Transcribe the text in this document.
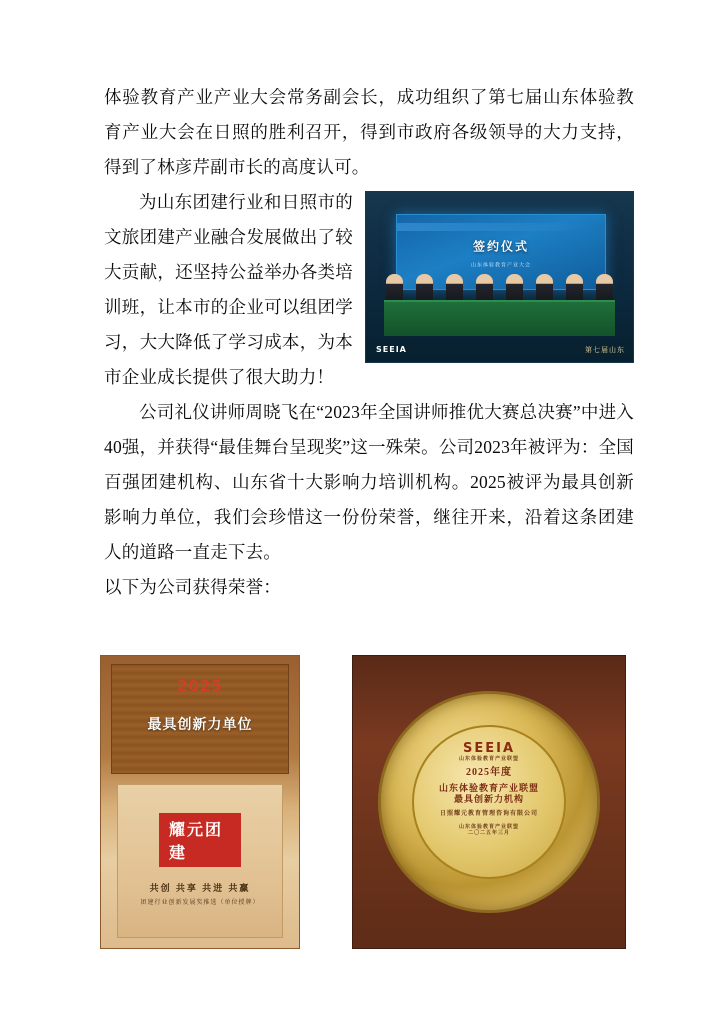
体验教育产业产业大会常务副会长，成功组织了第七届山东体验教育产业大会在日照的胜利召开，得到市政府各级领导的大力支持，得到了林彦芹副市长的高度认可。

签约仪式
山东体验教育产业大会
SEEIA	第七届山东

为山东团建行业和日照市的文旅团建产业融合发展做出了较大贡献，还坚持公益举办各类培训班，让本市的企业可以组团学习，大大降低了学习成本，为本市企业成长提供了很大助力！

公司礼仪讲师周晓飞在“2023年全国讲师推优大赛总决赛”中进入40强，并获得“最佳舞台呈现奖”这一殊荣。公司2023年被评为：全国百强团建机构、山东省十大影响力培训机构。2025被评为最具创新影响力单位，我们会珍惜这一份份荣誉，继往开来，沿着这条团建人的道路一直走下去。

以下为公司获得荣誉：

2025
最具创新力单位
耀元团建
共创 共享 共进 共赢
团建行业创新发展奖推选（单位授牌）
SEEIA
山东体验教育产业联盟
2025年度
山东体验教育产业联盟
最具创新力机构
日照耀元教育管理咨询有限公司
山东体验教育产业联盟
二〇二五年三月
